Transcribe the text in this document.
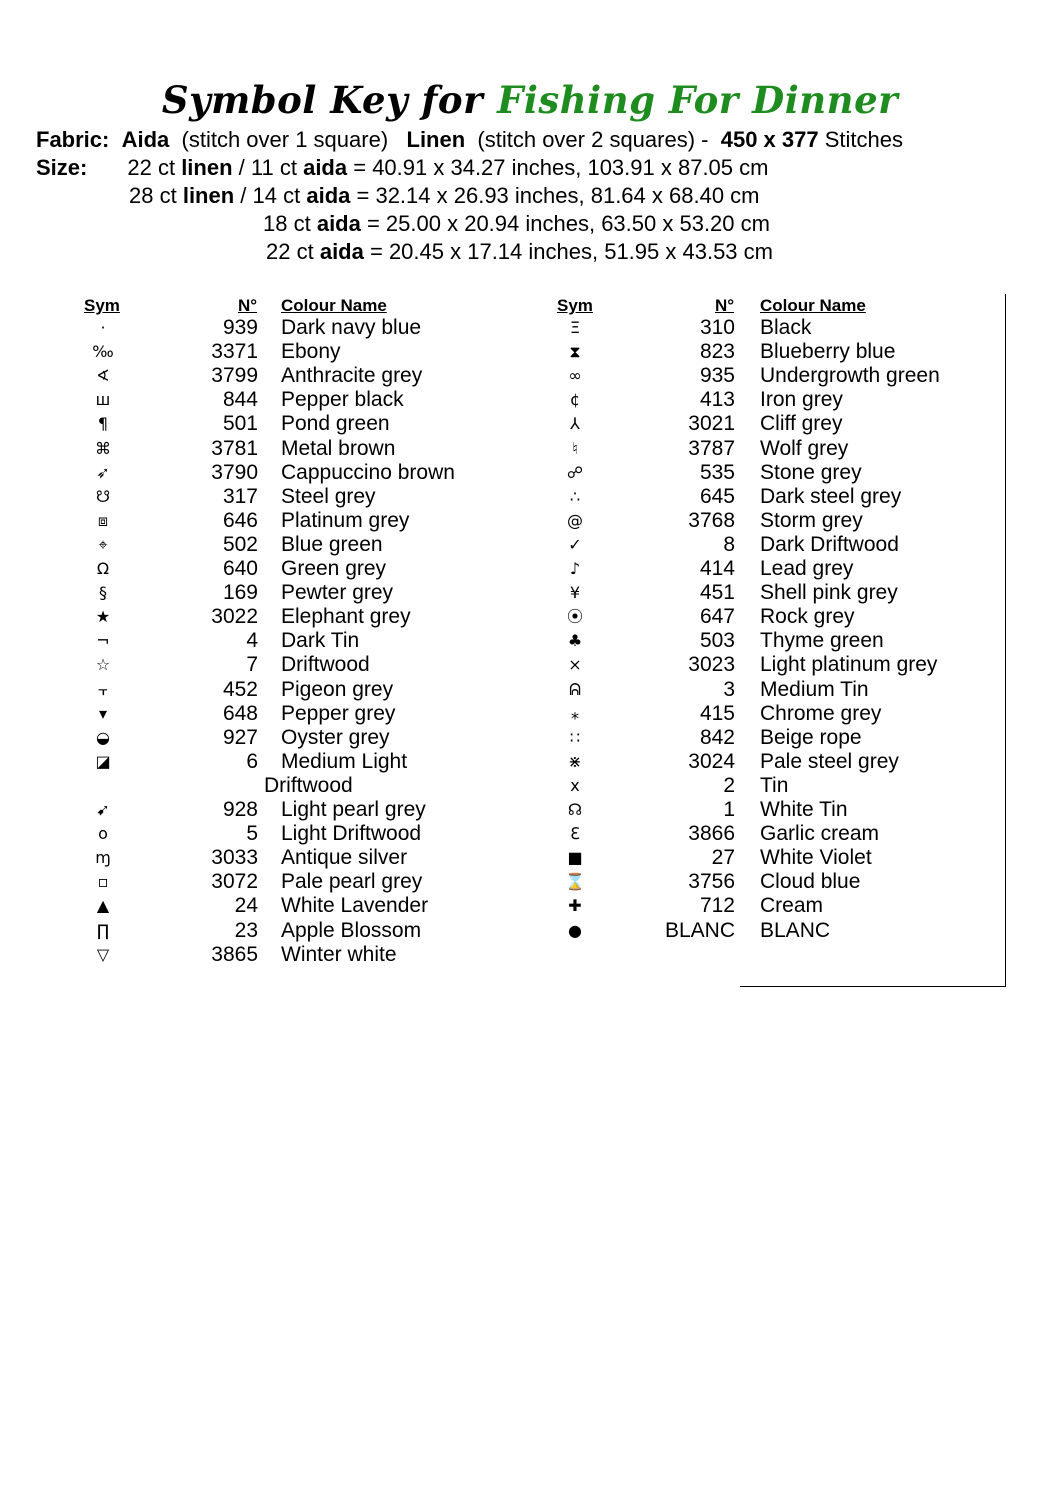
Symbol Key for Fishing For Dinner
Fabric: Aida (stitch over 1 square) Linen (stitch over 2 squares) - 450 x 377 Stitches
Size: 22 ct linen / 11 ct aida = 40.91 x 34.27 inches, 103.91 x 87.05 cm
28 ct linen / 14 ct aida = 32.14 x 26.93 inches, 81.64 x 68.40 cm
18 ct aida = 25.00 x 20.94 inches, 63.50 x 53.20 cm
22 ct aida = 20.45 x 17.14 inches, 51.95 x 43.53 cm
Sym	N° Colour Name	Sym	N° Colour Name
·	939 Dark navy blue
‰	3371 Ebony
∢	3799 Anthracite grey
ш	844 Pepper black
¶	501 Pond green
⌘	3781 Metal brown
➶	3790 Cappuccino brown
☋	317 Steel grey
⧈	646 Platinum grey
⌖	502 Blue green
Ω	640 Green grey
§	169 Pewter grey
★	3022 Elephant grey
¬	4 Dark Tin
☆	7 Driftwood
⫟	452 Pigeon grey
▾	648 Pepper grey
◒	927 Oyster grey
◪	6 Medium Light
Driftwood
➹	928 Light pearl grey
o	5 Light Driftwood
ɱ	3033 Antique silver
▫	3072 Pale pearl grey
▲	24 White Lavender
∏	23 Apple Blossom
▽	3865 Winter white
Ξ	310 Black
⧗	823 Blueberry blue
∞	935 Undergrowth green
¢	413 Iron grey
⅄	3021 Cliff grey
♮	3787 Wolf grey
☍	535 Stone grey
∴	645 Dark steel grey
@	3768 Storm grey
✓	8 Dark Driftwood
♪	414 Lead grey
¥	451 Shell pink grey
⦿	647 Rock grey
♣	503 Thyme green
⨯	3023 Light platinum grey
ᕱ	3 Medium Tin
⁎	415 Chrome grey
∷	842 Beige rope
⋇	3024 Pale steel grey
x	2 Tin
☊	1 White Tin
ℇ	3866 Garlic cream
■	27 White Violet
⌛	3756 Cloud blue
✚	712 Cream
●	BLANC BLANC
